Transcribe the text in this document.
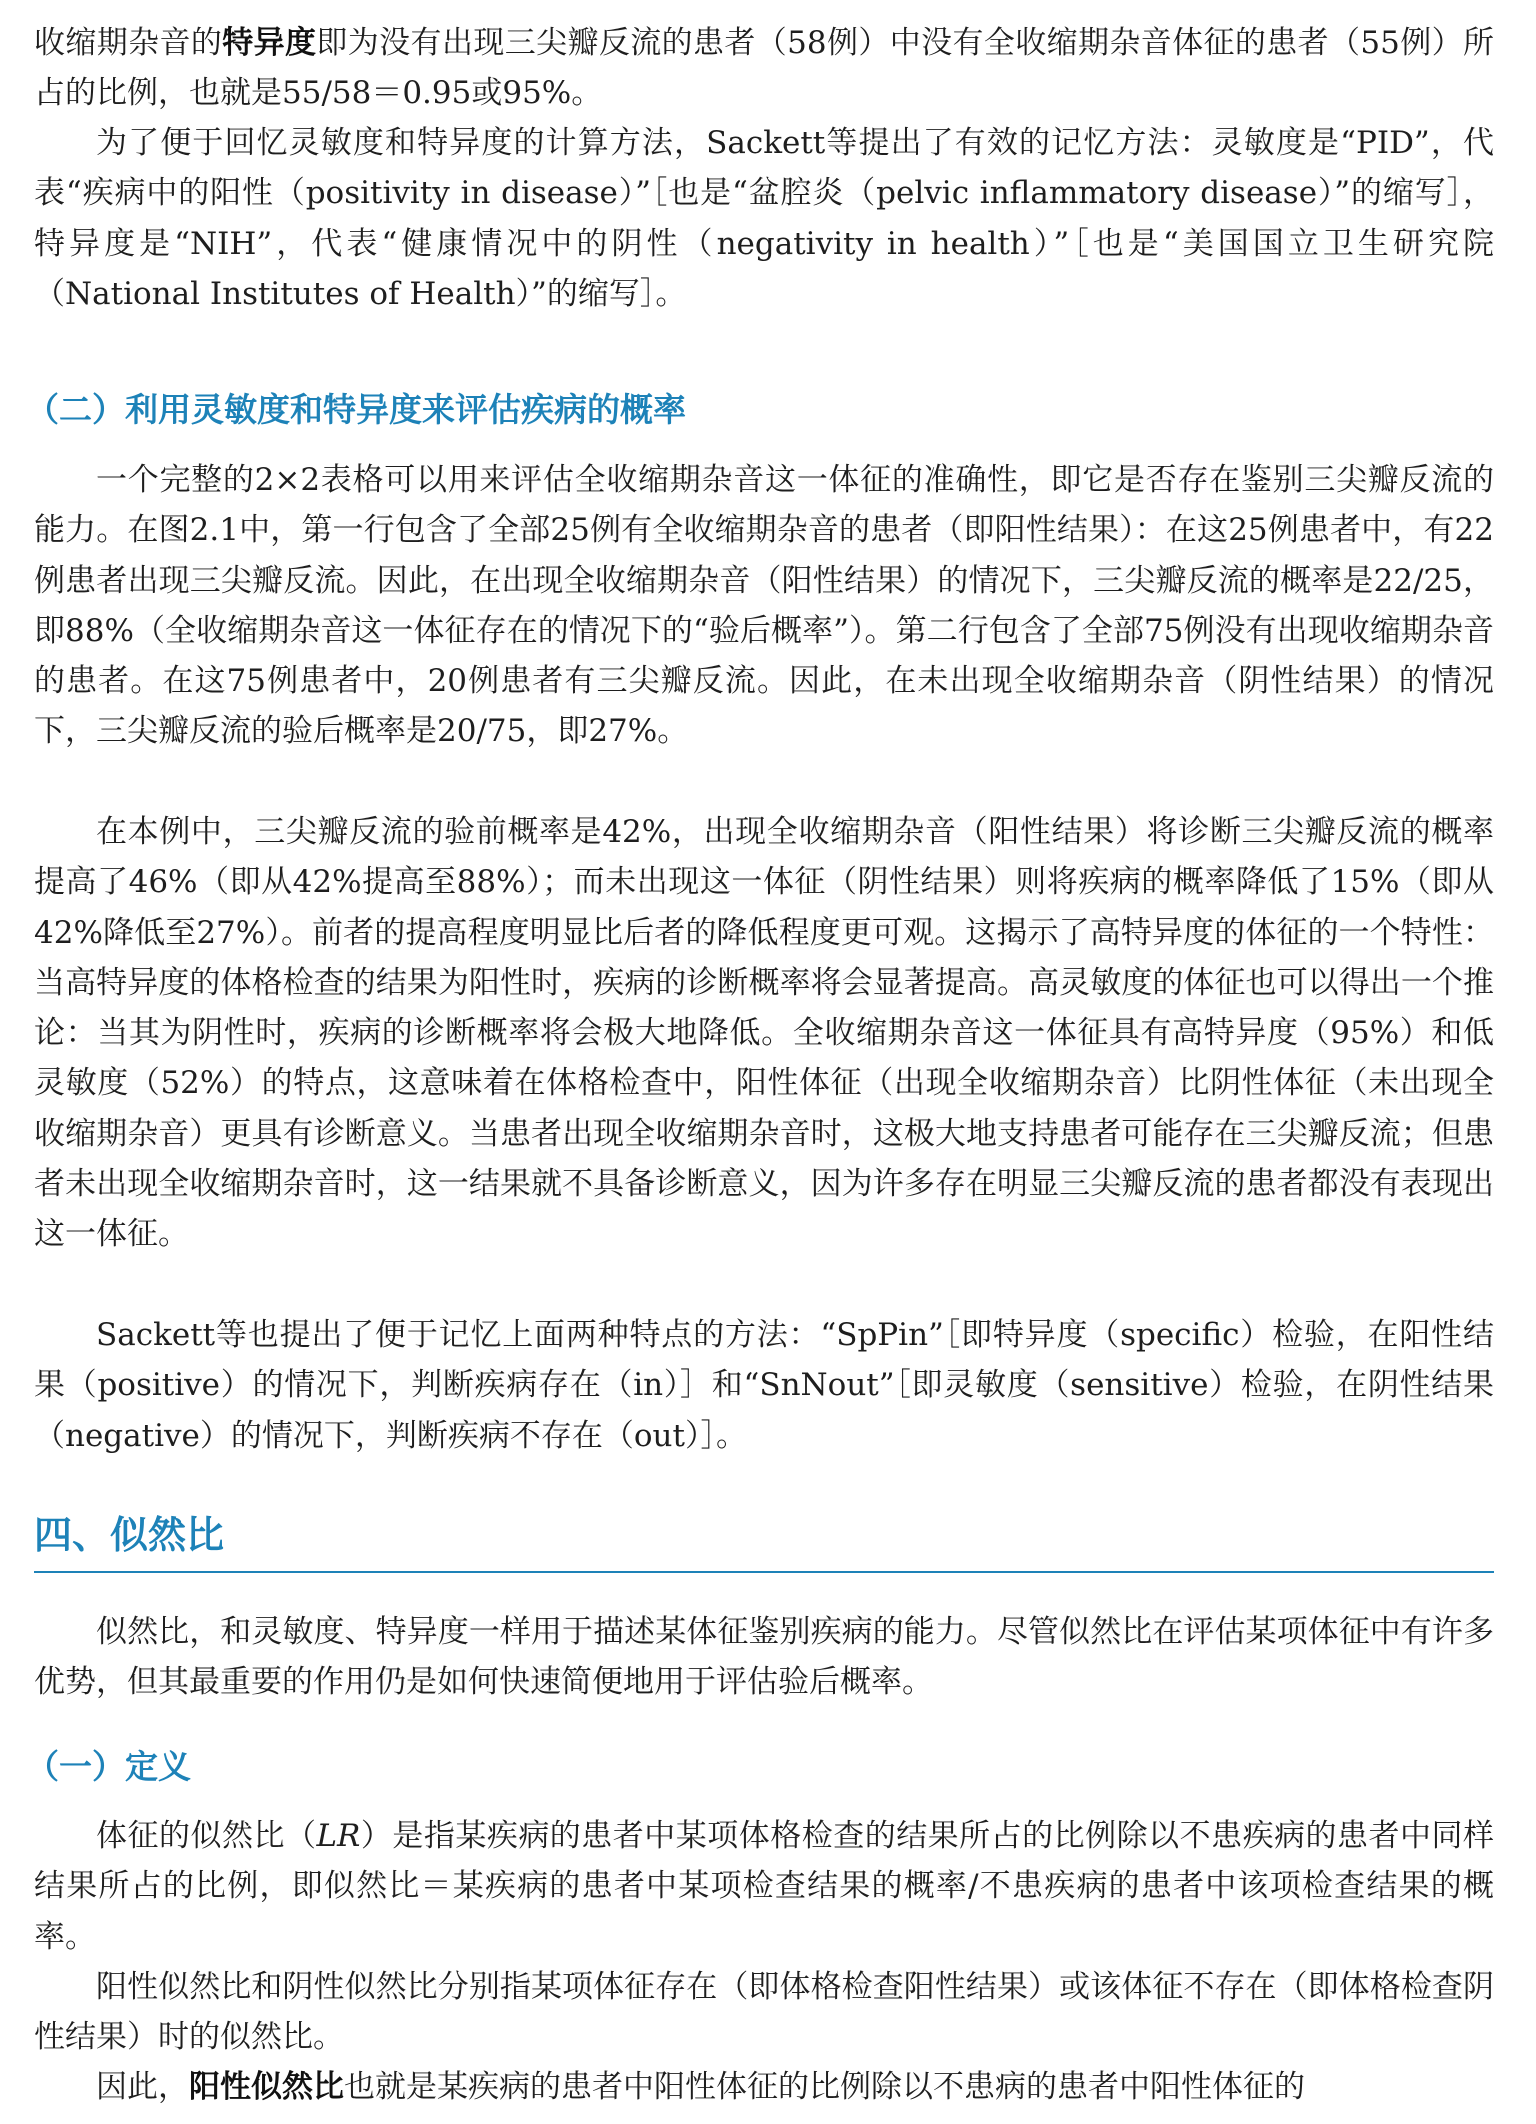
收缩期杂音的特异度即为没有出现三尖瓣反流的患者（58例）中没有全收缩期杂音体征的患者（55例）所占的比例，也就是55/58＝0.95或95%。

为了便于回忆灵敏度和特异度的计算方法，Sackett等提出了有效的记忆方法：灵敏度是“PID”，代表“疾病中的阳性（positivity in disease）”［也是“盆腔炎（pelvic inflammatory disease）”的缩写］，特异度是“NIH”，代表“健康情况中的阴性（negativity in health）”［也是“美国国立卫生研究院（National Institutes of Health）”的缩写］。

（二）利用灵敏度和特异度来评估疾病的概率

一个完整的2×2表格可以用来评估全收缩期杂音这一体征的准确性，即它是否存在鉴别三尖瓣反流的能力。在图2.1中，第一行包含了全部25例有全收缩期杂音的患者（即阳性结果）：在这25例患者中，有22例患者出现三尖瓣反流。因此，在出现全收缩期杂音（阳性结果）的情况下，三尖瓣反流的概率是22/25，即88%（全收缩期杂音这一体征存在的情况下的“验后概率”）。第二行包含了全部75例没有出现收缩期杂音的患者。在这75例患者中，20例患者有三尖瓣反流。因此，在未出现全收缩期杂音（阴性结果）的情况下，三尖瓣反流的验后概率是20/75，即27%。

在本例中，三尖瓣反流的验前概率是42%，出现全收缩期杂音（阳性结果）将诊断三尖瓣反流的概率提高了46%（即从42%提高至88%）；而未出现这一体征（阴性结果）则将疾病的概率降低了15%（即从42%降低至27%）。前者的提高程度明显比后者的降低程度更可观。这揭示了高特异度的体征的一个特性：当高特异度的体格检查的结果为阳性时，疾病的诊断概率将会显著提高。高灵敏度的体征也可以得出一个推论：当其为阴性时，疾病的诊断概率将会极大地降低。全收缩期杂音这一体征具有高特异度（95%）和低灵敏度（52%）的特点，这意味着在体格检查中，阳性体征（出现全收缩期杂音）比阴性体征（未出现全收缩期杂音）更具有诊断意义。当患者出现全收缩期杂音时，这极大地支持患者可能存在三尖瓣反流；但患者未出现全收缩期杂音时，这一结果就不具备诊断意义，因为许多存在明显三尖瓣反流的患者都没有表现出这一体征。

Sackett等也提出了便于记忆上面两种特点的方法：“SpPin”［即特异度（specific）检验，在阳性结果（positive）的情况下，判断疾病存在（in）］和“SnNout”［即灵敏度（sensitive）检验，在阴性结果（negative）的情况下，判断疾病不存在（out）］。

四、似然比

似然比，和灵敏度、特异度一样用于描述某体征鉴别疾病的能力。尽管似然比在评估某项体征中有许多优势，但其最重要的作用仍是如何快速简便地用于评估验后概率。

（一）定义

体征的似然比（LR）是指某疾病的患者中某项体格检查的结果所占的比例除以不患疾病的患者中同样结果所占的比例，即似然比＝某疾病的患者中某项检查结果的概率/不患疾病的患者中该项检查结果的概率。

阳性似然比和阴性似然比分别指某项体征存在（即体格检查阳性结果）或该体征不存在（即体格检查阴性结果）时的似然比。

因此，阳性似然比也就是某疾病的患者中阳性体征的比例除以不患病的患者中阳性体征的
